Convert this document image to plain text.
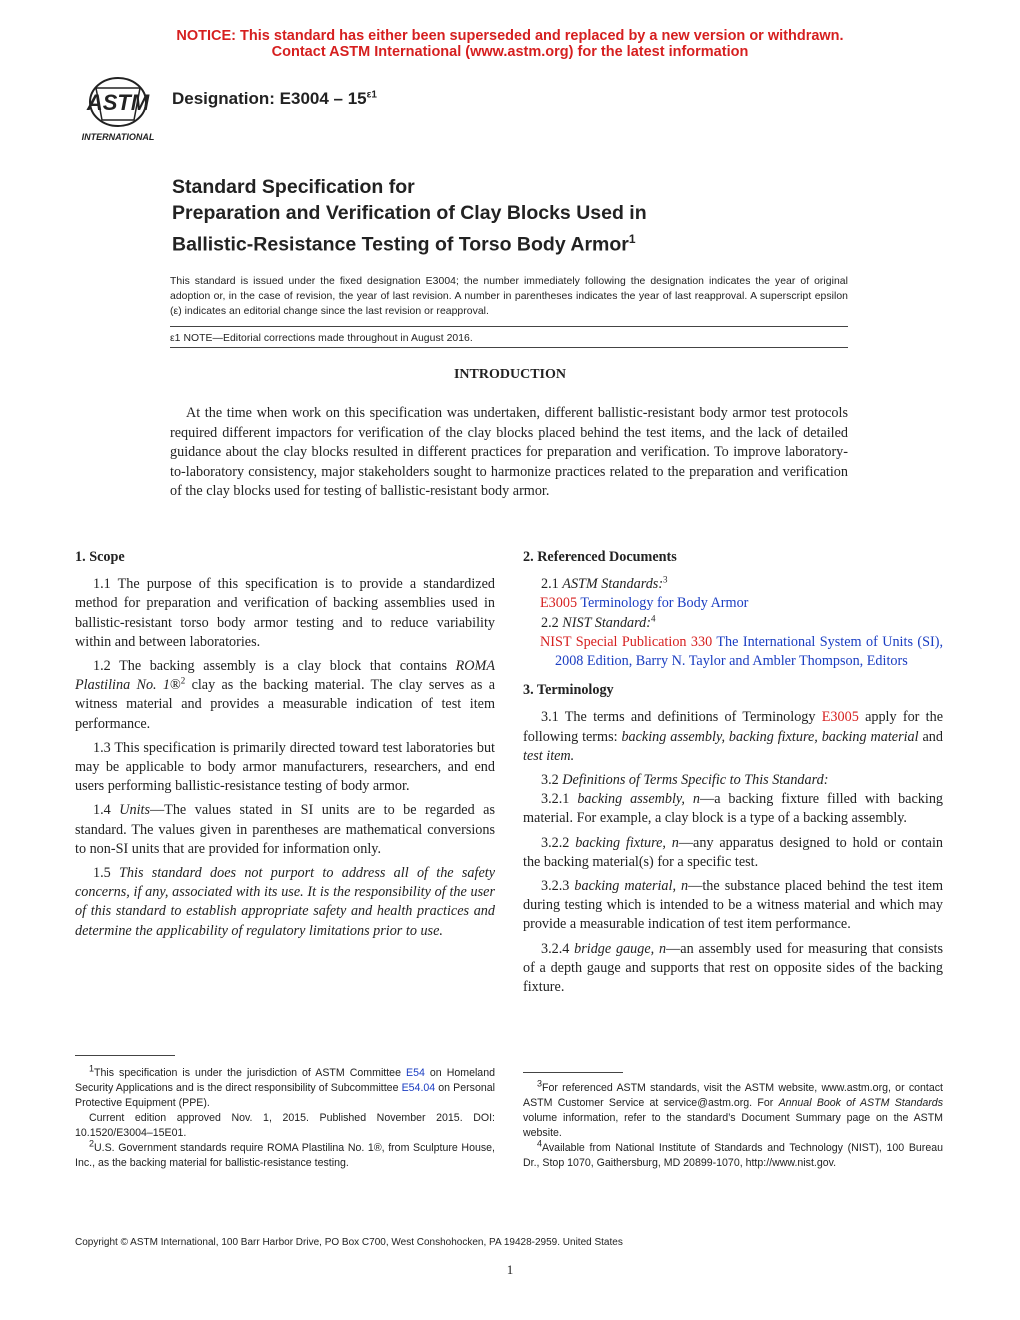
NOTICE: This standard has either been superseded and replaced by a new version or withdrawn.
Contact ASTM International (www.astm.org) for the latest information
ASTM
INTERNATIONAL
Designation: $E3004 - 15^{\varepsilon 1}$
Standard Specification for
Preparation and Verification of Clay Blocks Used in
Ballistic-Resistance Testing of Torso Body Armor$^1$
This standard is issued under the fixed designation E3004; the number immediately following the designation indicates the year of original adoption or, in the case of revision, the year of last revision. A number in parentheses indicates the year of last reapproval. A superscript epsilon (ε) indicates an editorial change since the last revision or reapproval.
ε1 NOTE—Editorial corrections made throughout in August 2016.
INTRODUCTION
At the time when work on this specification was undertaken, different ballistic-resistant body armor test protocols required different impactors for verification of the clay blocks placed behind the test items, and the lack of detailed guidance about the clay blocks resulted in different practices for preparation and verification. To improve laboratory-to-laboratory consistency, major stakeholders sought to harmonize practices related to the preparation and verification of the clay blocks used for testing of ballistic-resistant body armor.

1. Scope

1.1 The purpose of this specification is to provide a standardized method for preparation and verification of backing assemblies used in ballistic-resistant torso body armor testing and to reduce variability within and between laboratories.

1.2 The backing assembly is a clay block that contains ROMA Plastilina No. 1®$^2$ clay as the backing material. The clay serves as a witness material and provides a measurable indication of test item performance.

1.3 This specification is primarily directed toward test laboratories but may be applicable to body armor manufacturers, researchers, and end users performing ballistic-resistance testing of body armor.

1.4 Units—The values stated in SI units are to be regarded as standard. The values given in parentheses are mathematical conversions to non-SI units that are provided for information only.

1.5 This standard does not purport to address all of the safety concerns, if any, associated with its use. It is the responsibility of the user of this standard to establish appropriate safety and health practices and determine the applicability of regulatory limitations prior to use.

2. Referenced Documents

2.1 ASTM Standards:$^3$

E3005 Terminology for Body Armor

2.2 NIST Standard:$^4$

NIST Special Publication 330 The International System of Units (SI), 2008 Edition, Barry N. Taylor and Ambler Thompson, Editors

3. Terminology

3.1 The terms and definitions of Terminology E3005 apply for the following terms: backing assembly, backing fixture, backing material and test item.

3.2 Definitions of Terms Specific to This Standard:

3.2.1 backing assembly, n—a backing fixture filled with backing material. For example, a clay block is a type of a backing assembly.

3.2.2 backing fixture, n—any apparatus designed to hold or contain the backing material(s) for a specific test.

3.2.3 backing material, n—the substance placed behind the test item during testing which is intended to be a witness material and which may provide a measurable indication of test item performance.

3.2.4 bridge gauge, n—an assembly used for measuring that consists of a depth gauge and supports that rest on opposite sides of the backing fixture.

$^1$This specification is under the jurisdiction of ASTM Committee E54 on Homeland Security Applications and is the direct responsibility of Subcommittee E54.04 on Personal Protective Equipment (PPE).

Current edition approved Nov. 1, 2015. Published November 2015. DOI: 10.1520/E3004–15E01.

$^2$U.S. Government standards require ROMA Plastilina No. 1®, from Sculpture House, Inc., as the backing material for ballistic-resistance testing.

$^3$For referenced ASTM standards, visit the ASTM website, www.astm.org, or contact ASTM Customer Service at service@astm.org. For Annual Book of ASTM Standards volume information, refer to the standard’s Document Summary page on the ASTM website.

$^4$Available from National Institute of Standards and Technology (NIST), 100 Bureau Dr., Stop 1070, Gaithersburg, MD 20899-1070, http://www.nist.gov.

Copyright © ASTM International, 100 Barr Harbor Drive, PO Box C700, West Conshohocken, PA 19428-2959. United States
1
